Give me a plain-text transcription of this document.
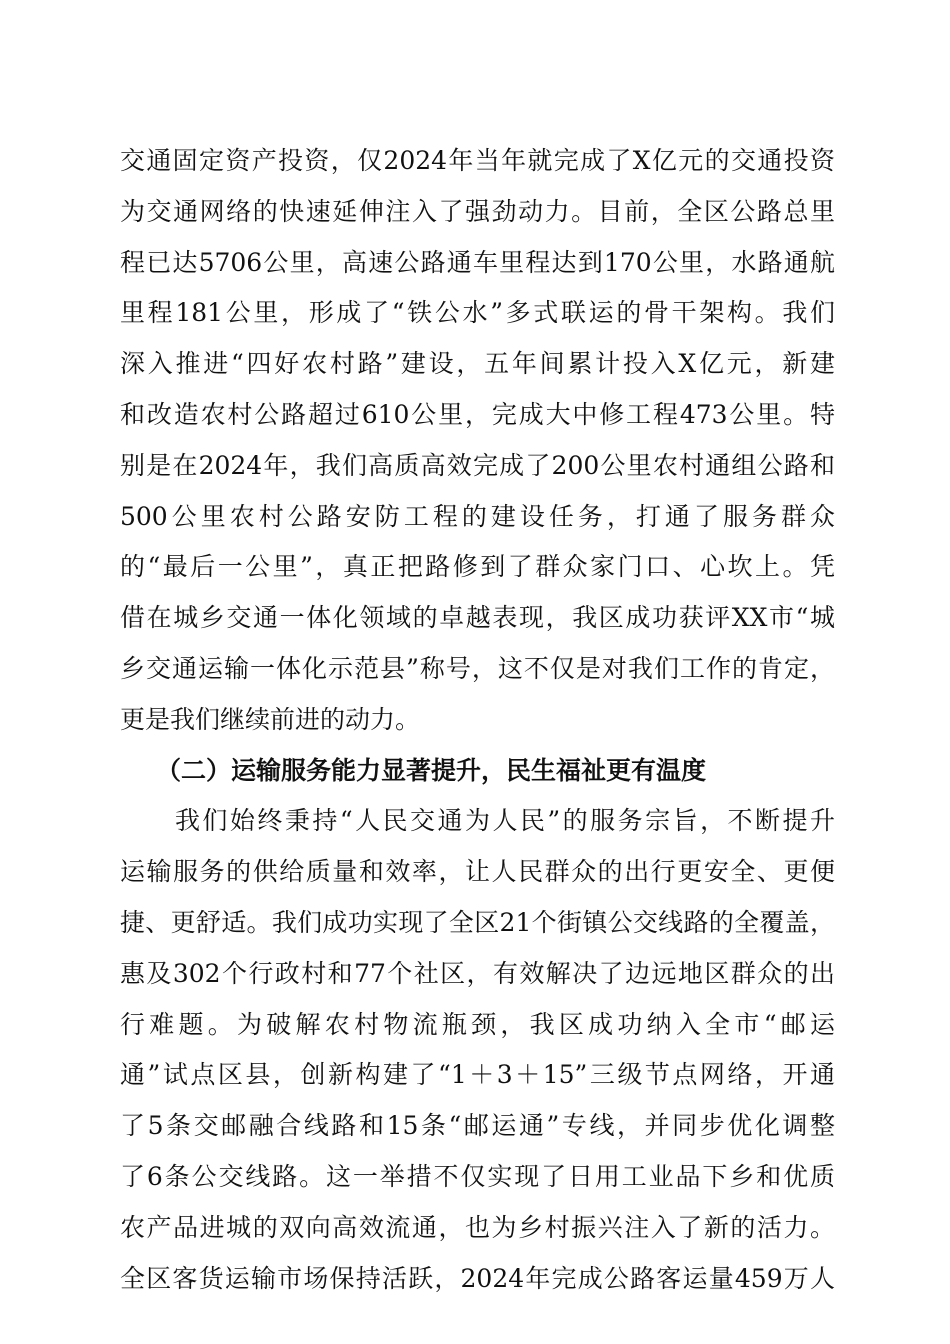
交通固定资产投资，仅2024年当年就完成了X亿元的交通投资
为交通网络的快速延伸注入了强劲动力。目前，全区公路总里
程已达5706公里，高速公路通车里程达到170公里，水路通航
里程181公里，形成了“铁公水”多式联运的骨干架构。我们
深入推进“四好农村路”建设，五年间累计投入X亿元，新建
和改造农村公路超过610公里，完成大中修工程473公里。特
别是在2024年，我们高质高效完成了200公里农村通组公路和
500公里农村公路安防工程的建设任务，打通了服务群众
的“最后一公里”，真正把路修到了群众家门口、心坎上。凭
借在城乡交通一体化领域的卓越表现，我区成功获评XX市“城
乡交通运输一体化示范县”称号，这不仅是对我们工作的肯定，
更是我们继续前进的动力。
（二）运输服务能力显著提升，民生福祉更有温度
　　我们始终秉持“人民交通为人民”的服务宗旨，不断提升
运输服务的供给质量和效率，让人民群众的出行更安全、更便
捷、更舒适。我们成功实现了全区21个街镇公交线路的全覆盖，
惠及302个行政村和77个社区，有效解决了边远地区群众的出
行难题。为破解农村物流瓶颈，我区成功纳入全市“邮运
通”试点区县，创新构建了“1＋3＋15”三级节点网络，开通
了5条交邮融合线路和15条“邮运通”专线，并同步优化调整
了6条公交线路。这一举措不仅实现了日用工业品下乡和优质
农产品进城的双向高效流通，也为乡村振兴注入了新的活力。
全区客货运输市场保持活跃，2024年完成公路客运量459万人
